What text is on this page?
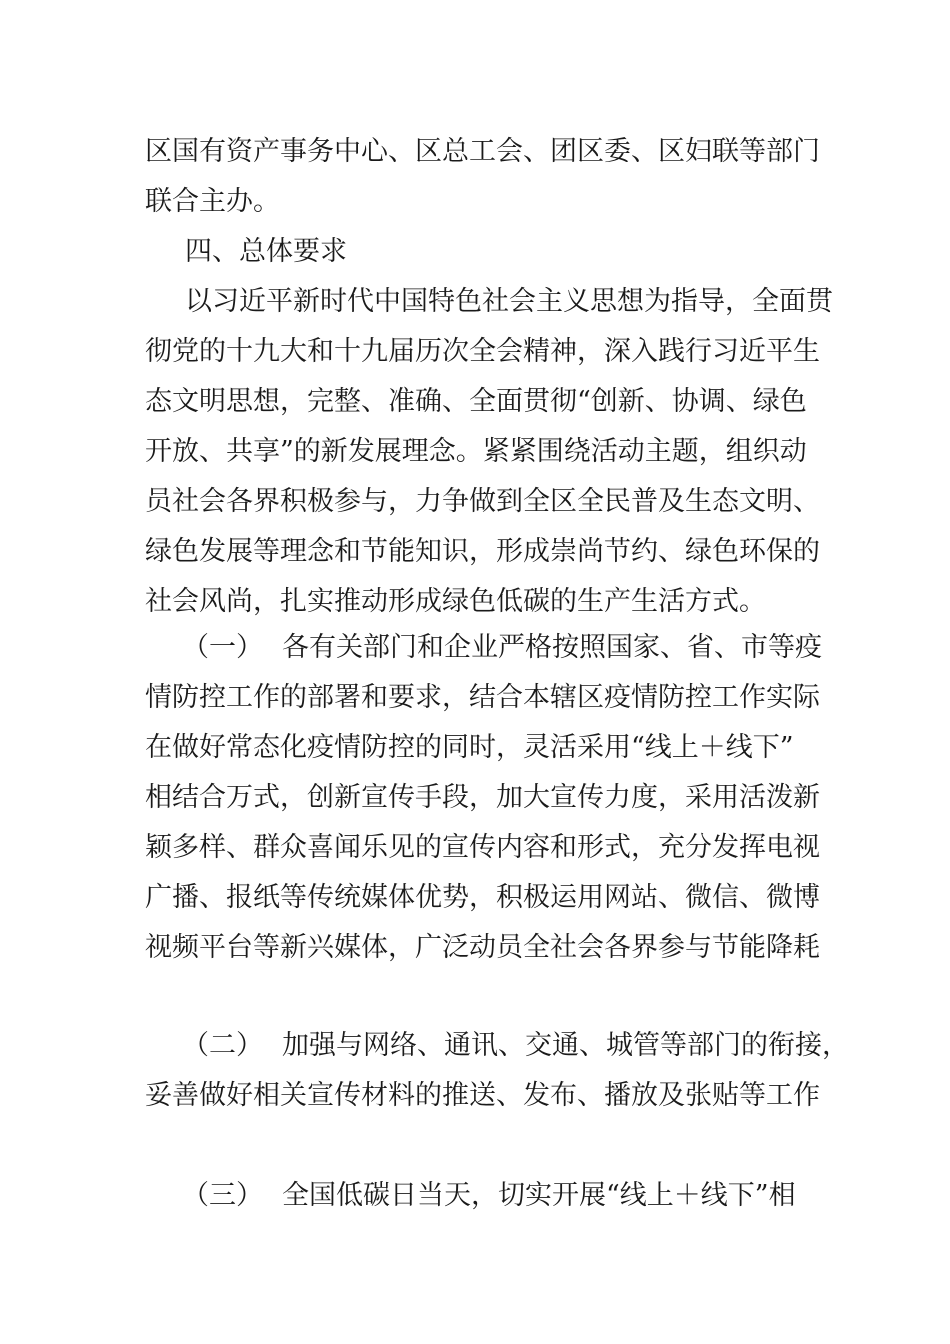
区国有资产事务中心、区总工会、团区委、区妇联等部门
联合主办。
四、总体要求
以习近平新时代中国特色社会主义思想为指导，全面贯
彻党的十九大和十九届历次全会精神，深入践行习近平生
态文明思想，完整、准确、全面贯彻“创新、协调、绿色
开放、共享”的新发展理念。紧紧围绕活动主题，组织动
员社会各界积极参与，力争做到全区全民普及生态文明、
绿色发展等理念和节能知识，形成崇尚节约、绿色环保的
社会风尚，扎实推动形成绿色低碳的生产生活方式。
（一） 各有关部门和企业严格按照国家、省、市等疫
情防控工作的部署和要求，结合本辖区疫情防控工作实际
在做好常态化疫情防控的同时，灵活采用“线上＋线下”
相结合万式，创新宣传手段，加大宣传力度，采用活泼新
颖多样、群众喜闻乐见的宣传内容和形式，充分发挥电视
广播、报纸等传统媒体优势，积极运用网站、微信、微博
视频平台等新兴媒体，广泛动员全社会各界参与节能降耗
（二） 加强与网络、通讯、交通、城管等部门的衔接，
妥善做好相关宣传材料的推送、发布、播放及张贴等工作
（三） 全国低碳日当天，切实开展“线上＋线下”相
